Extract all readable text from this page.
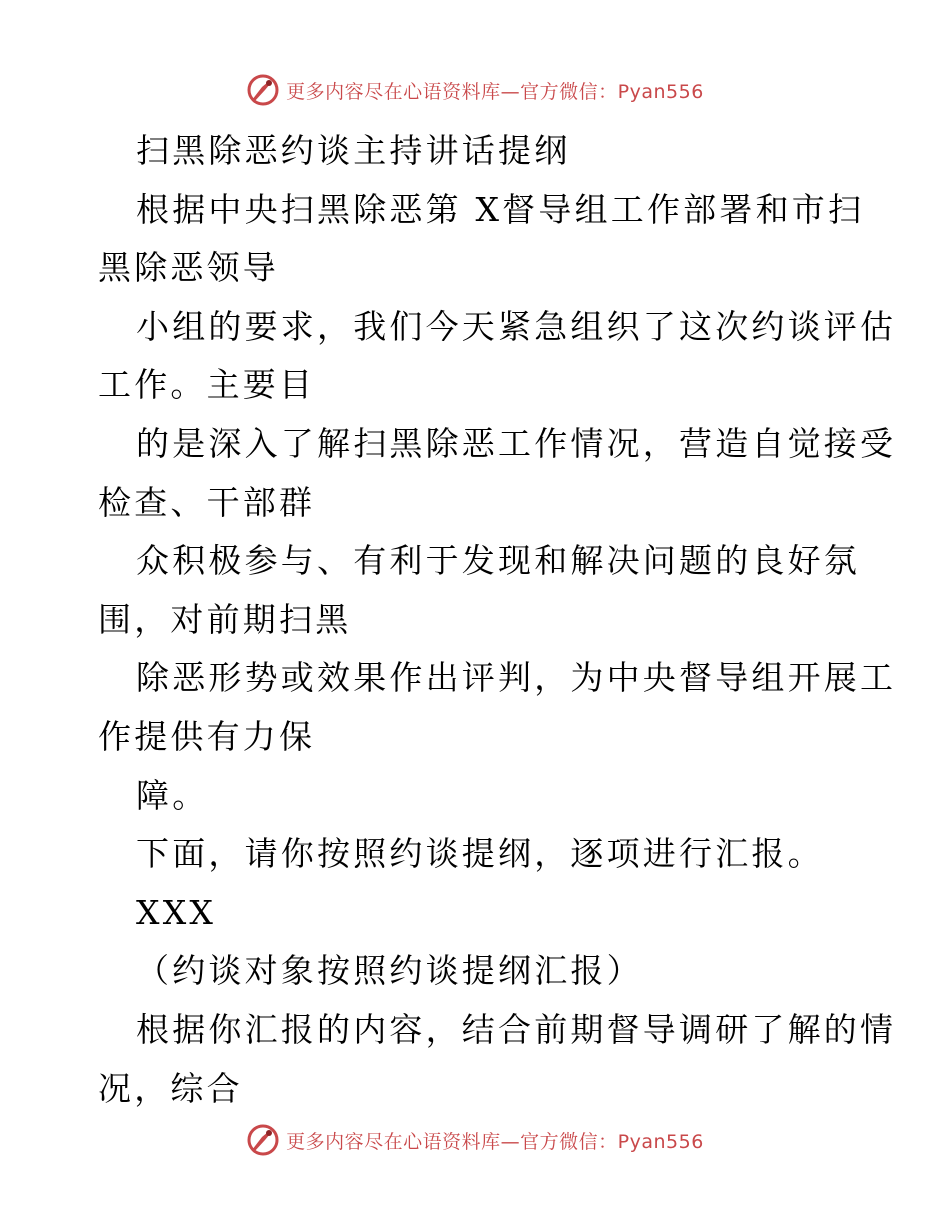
更多内容尽在心语资料库—官方微信：Pyan556

扫黑除恶约谈主持讲话提纲

根据中央扫黑除恶第 X督导组工作部署和市扫

黑除恶领导

小组的要求，我们今天紧急组织了这次约谈评估

工作。主要目

的是深入了解扫黑除恶工作情况，营造自觉接受

检查、干部群

众积极参与、有利于发现和解决问题的良好氛

围，对前期扫黑

除恶形势或效果作出评判，为中央督导组开展工

作提供有力保

障。

下面，请你按照约谈提纲，逐项进行汇报。

XXX

（约谈对象按照约谈提纲汇报）

根据你汇报的内容，结合前期督导调研了解的情

况，综合

更多内容尽在心语资料库—官方微信：Pyan556
